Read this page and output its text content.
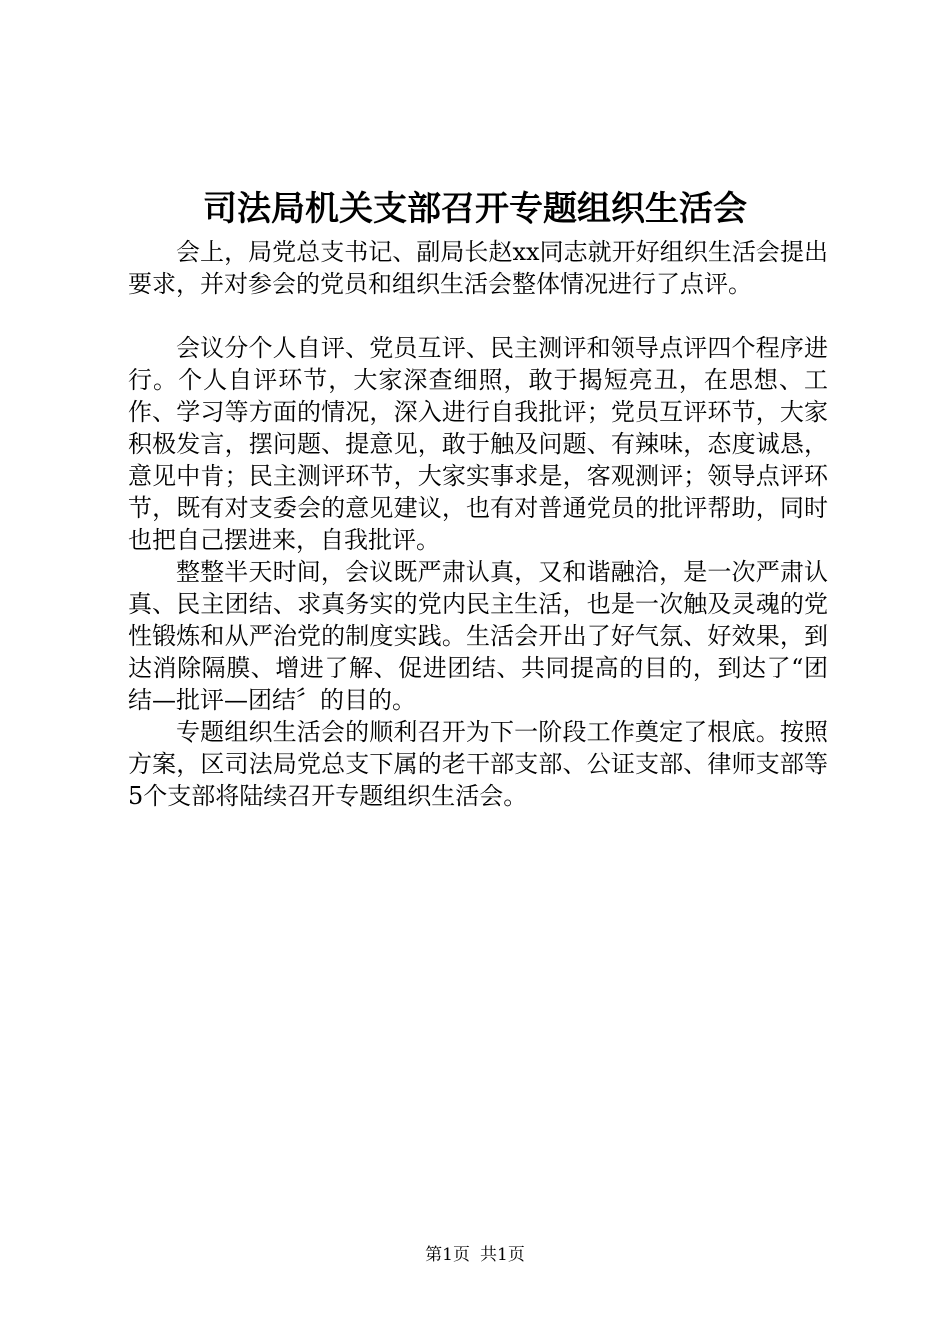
司法局机关支部召开专题组织生活会

会上，局党总支书记、副局长赵xx同志就开好组织生活会提出要求，并对参会的党员和组织生活会整体情况进行了点评。

会议分个人自评、党员互评、民主测评和领导点评四个程序进行。个人自评环节，大家深查细照，敢于揭短亮丑，在思想、工作、学习等方面的情况，深入进行自我批评；党员互评环节，大家积极发言，摆问题、提意见，敢于触及问题、有辣味，态度诚恳，意见中肯；民主测评环节，大家实事求是，客观测评；领导点评环节，既有对支委会的意见建议，也有对普通党员的批评帮助，同时也把自己摆进来，自我批评。

整整半天时间，会议既严肃认真，又和谐融洽，是一次严肃认真、民主团结、求真务实的党内民主生活，也是一次触及灵魂的党性锻炼和从严治党的制度实践。生活会开出了好气氛、好效果，到达消除隔膜、增进了解、促进团结、共同提高的目的，到达了“团结—批评—团结〞的目的。

专题组织生活会的顺利召开为下一阶段工作奠定了根底。按照方案，区司法局党总支下属的老干部支部、公证支部、律师支部等5个支部将陆续召开专题组织生活会。

第1页 共1页
